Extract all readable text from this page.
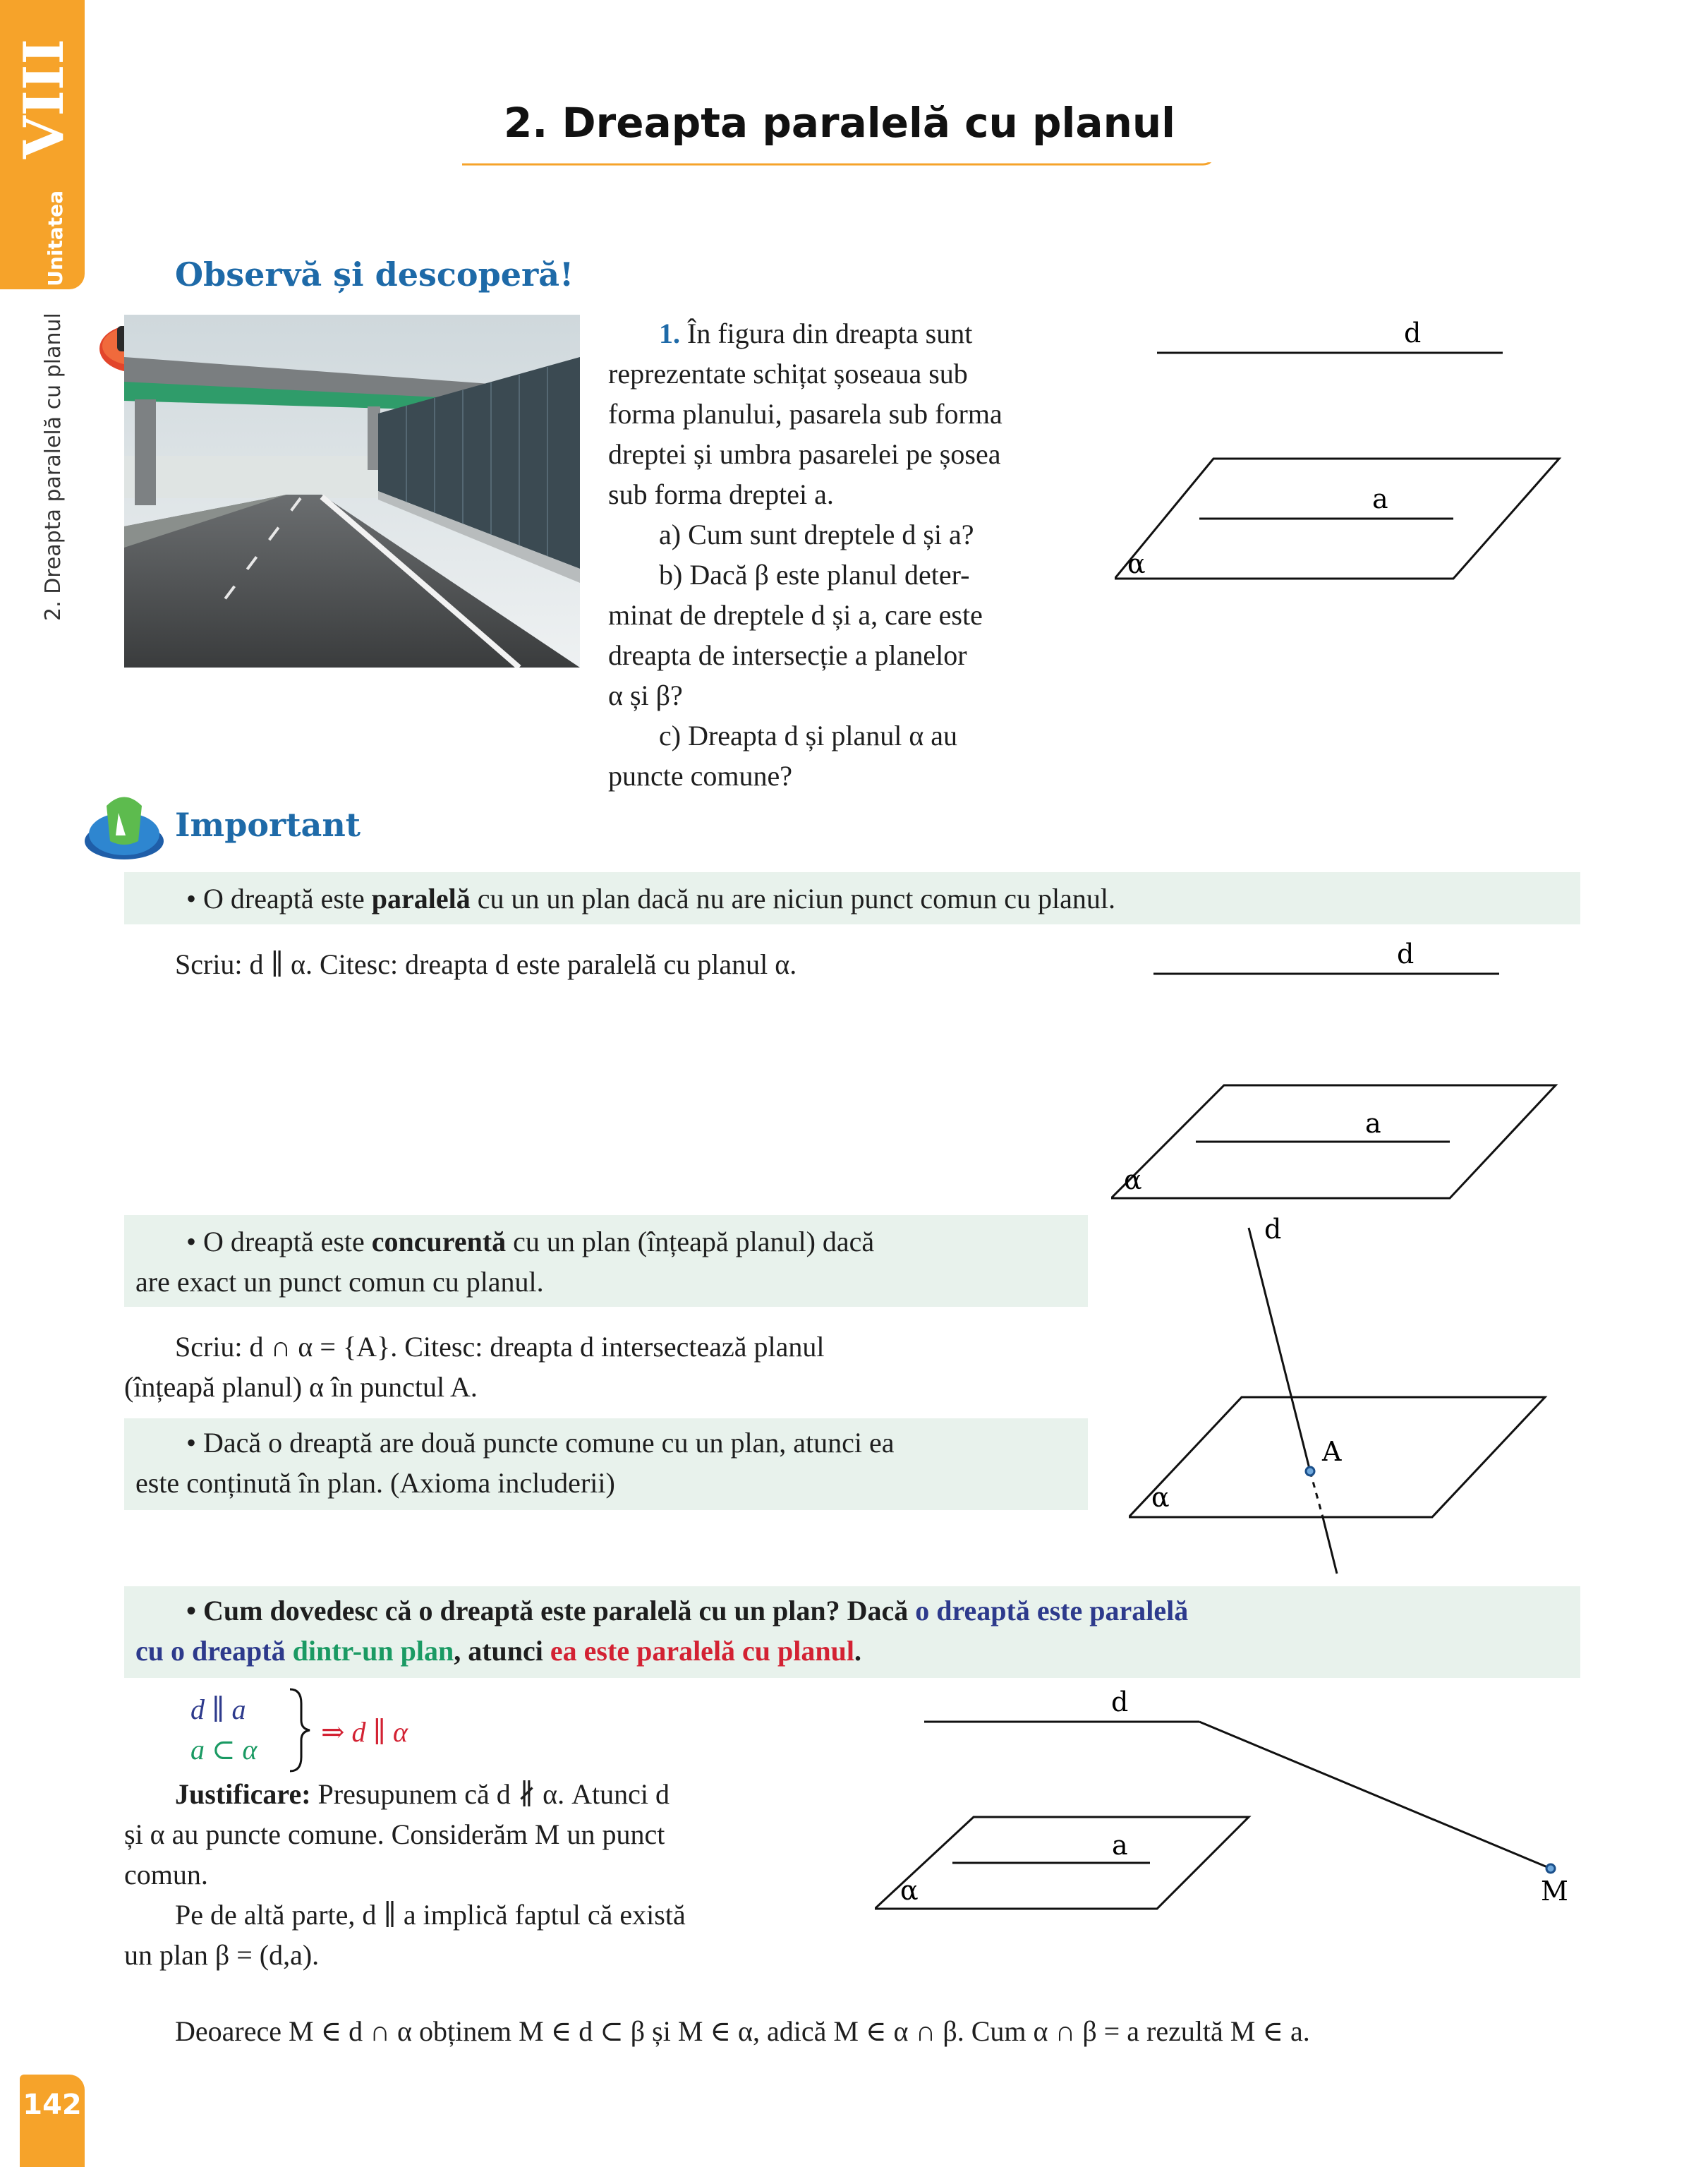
VIII
Unitatea
2. Dreapta paralelă cu planul
142
2. Dreapta paralelă cu planul
Observă și descoperă!
1. În figura din dreapta sunt
reprezentate schițat șoseaua sub
forma planului, pasarela sub forma
dreptei și umbra pasarelei pe șosea
sub forma dreptei a.
a) Cum sunt dreptele d și a?
b) Dacă β este planul deter-
minat de dreptele d și a, care este
dreapta de intersecție a planelor
α și β?
c) Dreapta d și planul α au
puncte comune?
d
a
α
Important
• O dreaptă este paralelă cu un un plan dacă nu are niciun punct comun cu planul.
Scriu: d ∥ α. Citesc: dreapta d este paralelă cu planul α.	d
a
α
• O dreaptă este concurentă cu un plan (înțeapă planul) dacă
are exact un punct comun cu planul.
Scriu: d ∩ α = {A}. Citesc: dreapta d intersectează planul
(înțeapă planul) α în punctul A.
• Dacă o dreaptă are două puncte comune cu un plan, atunci ea
este conținută în plan. (Axioma includerii)
d
A
α
• Cum dovedesc că o dreaptă este paralelă cu un plan? Dacă o dreaptă este paralelă
cu o dreaptă dintr-un plan, atunci ea este paralelă cu planul.
d ∥ a
a ⊂ α
⇒ d ∥ α
Justificare: Presupunem că d ∦ α. Atunci d
și α au puncte comune. Considerăm M un punct
comun.
Pe de altă parte, d ∥ a implică faptul că există
un plan β = (d,a).
d
a
M
α
Deoarece M ∈ d ∩ α obținem M ∈ d ⊂ β și M ∈ α, adică M ∈ α ∩ β. Cum α ∩ β = a rezultă M ∈ a.
